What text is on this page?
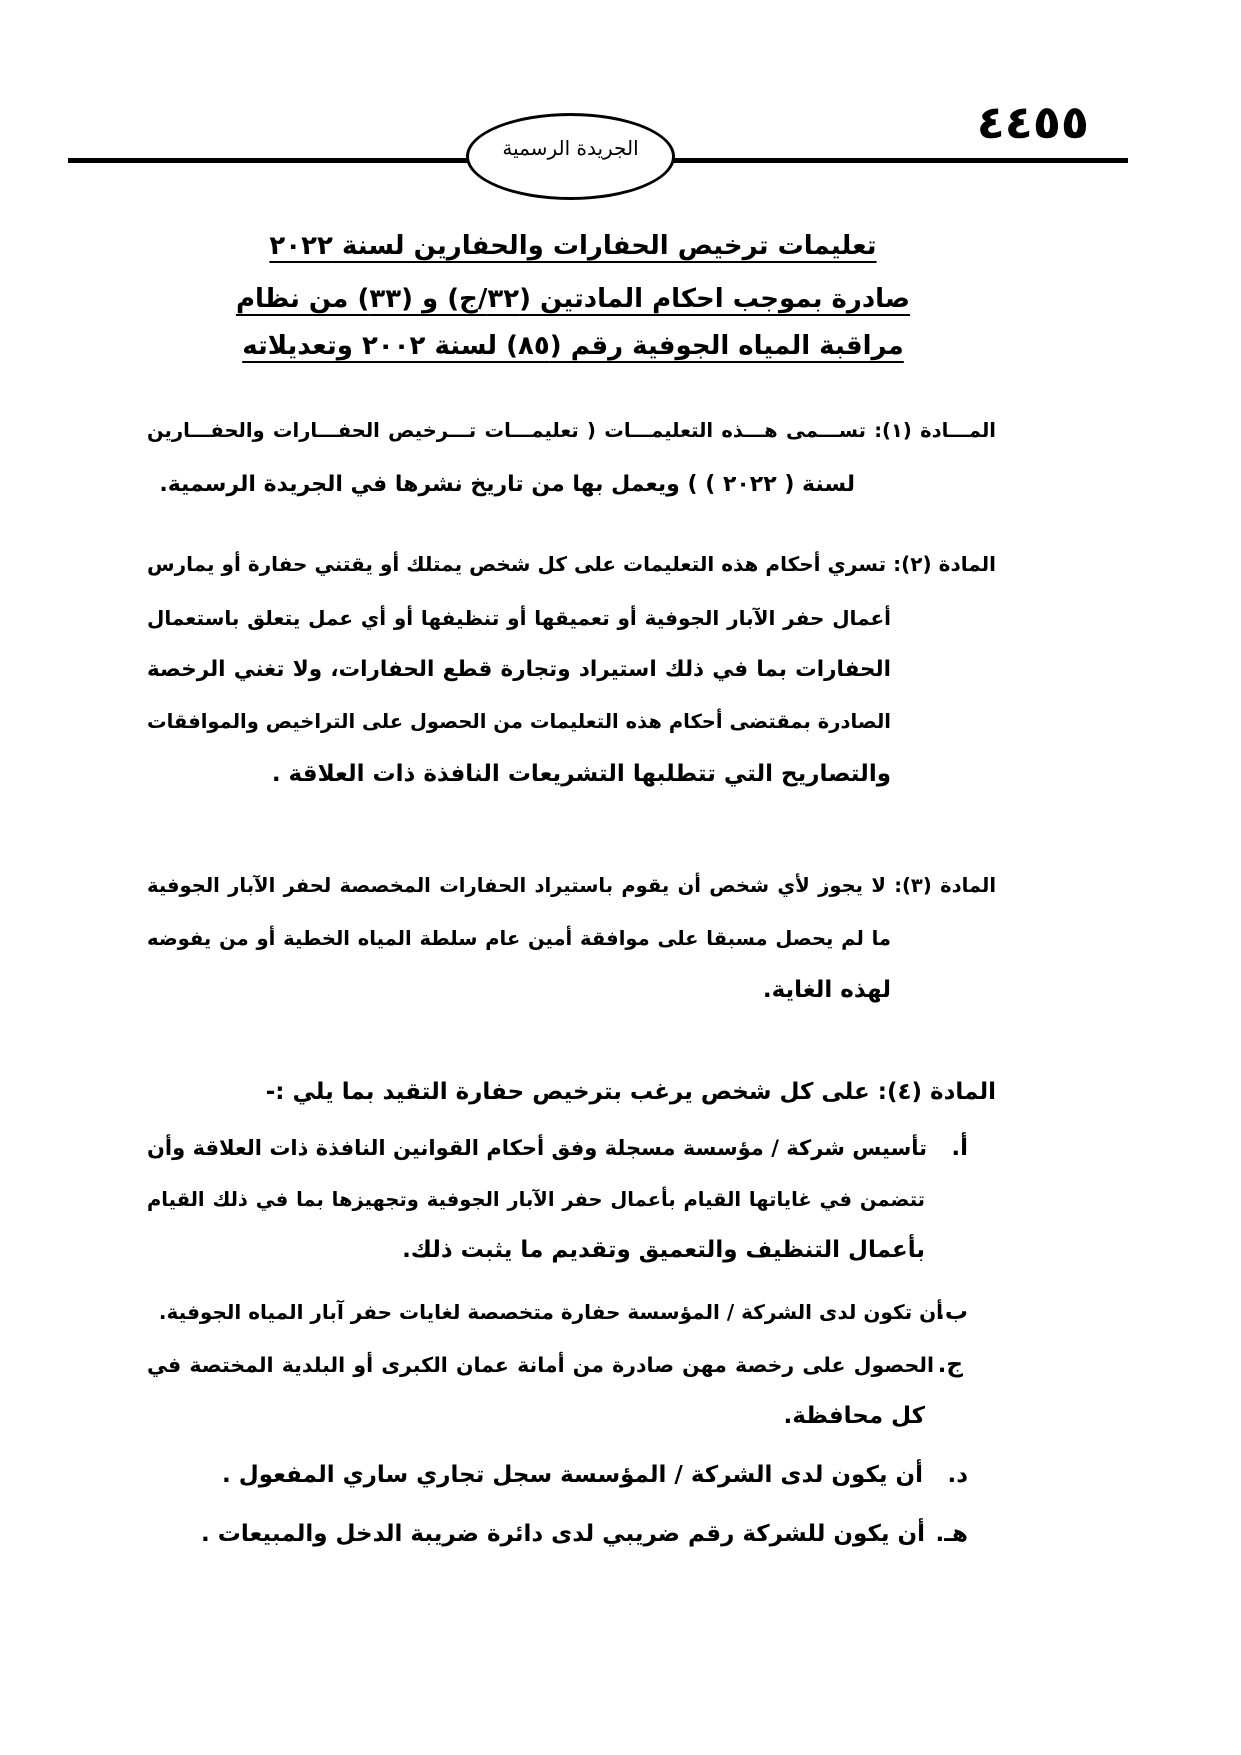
٤٤٥٥
الجريدة الرسمية
تعليمات ترخيص الحفارات والحفارين لسنة ٢٠٢٢
صادرة بموجب احكام المادتين (٣٢/ج) و (٣٣) من نظام
مراقبة المياه الجوفية رقم (٨٥) لسنة ٢٠٠٢ وتعديلاته
المـــادة (١): تســـمى هـــذه التعليمـــات ( تعليمـــات تـــرخيص الحفـــارات والحفـــارين
لسنة ( ٢٠٢٢ ) ) ويعمل بها من تاريخ نشرها في الجريدة الرسمية.
المادة (٢): تسري أحكام هذه التعليمات على كل شخص يمتلك أو يقتني حفارة أو يمارس
أعمال حفر الآبار الجوفية أو تعميقها أو تنظيفها أو أي عمل يتعلق باستعمال
الحفارات بما في ذلك استيراد وتجارة قطع الحفارات، ولا تغني الرخصة
الصادرة بمقتضى أحكام هذه التعليمات من الحصول على التراخيص والموافقات
والتصاريح التي تتطلبها التشريعات النافذة ذات العلاقة .
المادة (٣): لا يجوز لأي شخص أن يقوم باستيراد الحفارات المخصصة لحفر الآبار الجوفية
ما لم يحصل مسبقا على موافقة أمين عام سلطة المياه الخطية أو من يفوضه
لهذه الغاية.
المادة (٤): على كل شخص يرغب بترخيص حفارة التقيد بما يلي :-
أ.
تأسيس شركة / مؤسسة مسجلة وفق أحكام القوانين النافذة ذات العلاقة وأن
تتضمن في غاياتها القيام بأعمال حفر الآبار الجوفية وتجهيزها بما في ذلك القيام
بأعمال التنظيف والتعميق وتقديم ما يثبت ذلك.
ب.
أن تكون لدى الشركة / المؤسسة حفارة متخصصة لغايات حفر آبار المياه الجوفية.
ج.
الحصول على رخصة مهن صادرة من أمانة عمان الكبرى أو البلدية المختصة في
كل محافظة.
د.
أن يكون لدى الشركة / المؤسسة سجل تجاري ساري المفعول .
هـ.
أن يكون للشركة رقم ضريبي لدى دائرة ضريبة الدخل والمبيعات .
